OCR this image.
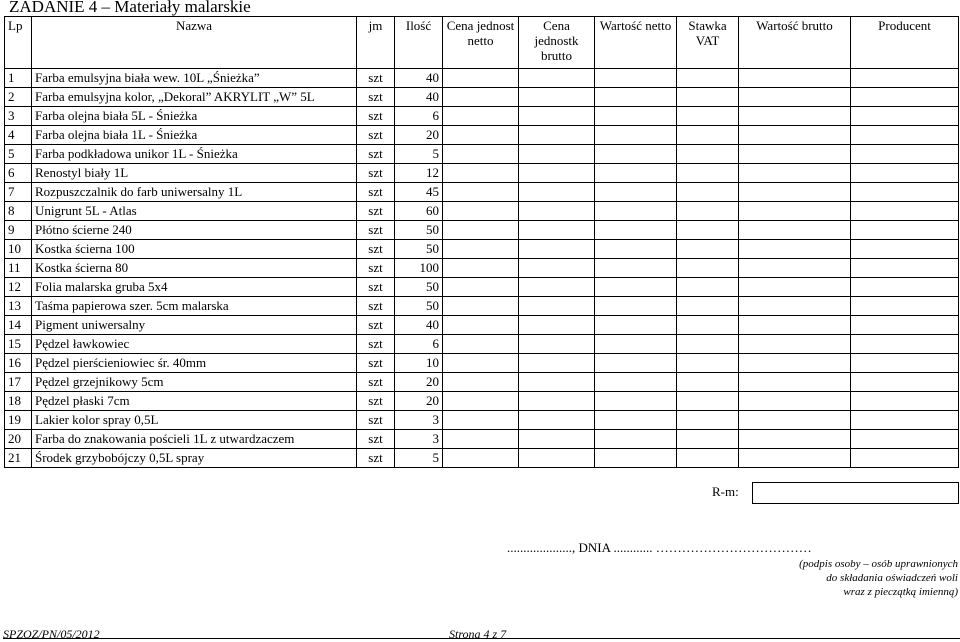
ZADANIE 4 – Materiały malarskie
Lp	Nazwa	jm	Ilość	Cena jednost netto	Cena jednostk brutto	Wartość netto	Stawka VAT	Wartość brutto	Producent
1	Farba emulsyjna biała wew. 10L „Śnieżka”	szt	40						
2	Farba emulsyjna kolor, „Dekoral” AKRYLIT „W” 5L	szt	40						
3	Farba olejna biała 5L - Śnieżka	szt	6						
4	Farba olejna biała 1L - Śnieżka	szt	20						
5	Farba podkładowa unikor 1L - Śnieżka	szt	5						
6	Renostyl biały 1L	szt	12						
7	Rozpuszczalnik do farb uniwersalny 1L	szt	45						
8	Unigrunt 5L - Atlas	szt	60						
9	Płótno ścierne 240	szt	50						
10	Kostka ścierna 100	szt	50						
11	Kostka ścierna 80	szt	100						
12	Folia malarska gruba 5x4	szt	50						
13	Taśma papierowa szer. 5cm malarska	szt	50						
14	Pigment uniwersalny	szt	40						
15	Pędzel ławkowiec	szt	6						
16	Pędzel pierścieniowiec śr. 40mm	szt	10						
17	Pędzel grzejnikowy 5cm	szt	20						
18	Pędzel płaski 7cm	szt	20						
19	Lakier kolor spray 0,5L	szt	3						
20	Farba do znakowania pościeli 1L z utwardzaczem	szt	3						
21	Środek grzybobójczy 0,5L spray	szt	5						
R-m:
...................., DNIA ............ ………………………………
(podpis osoby – osób uprawnionych
do składania oświadczeń woli
wraz z pieczątką imienną)
SPZOZ/PN/05/2012	Strona 4 z 7
